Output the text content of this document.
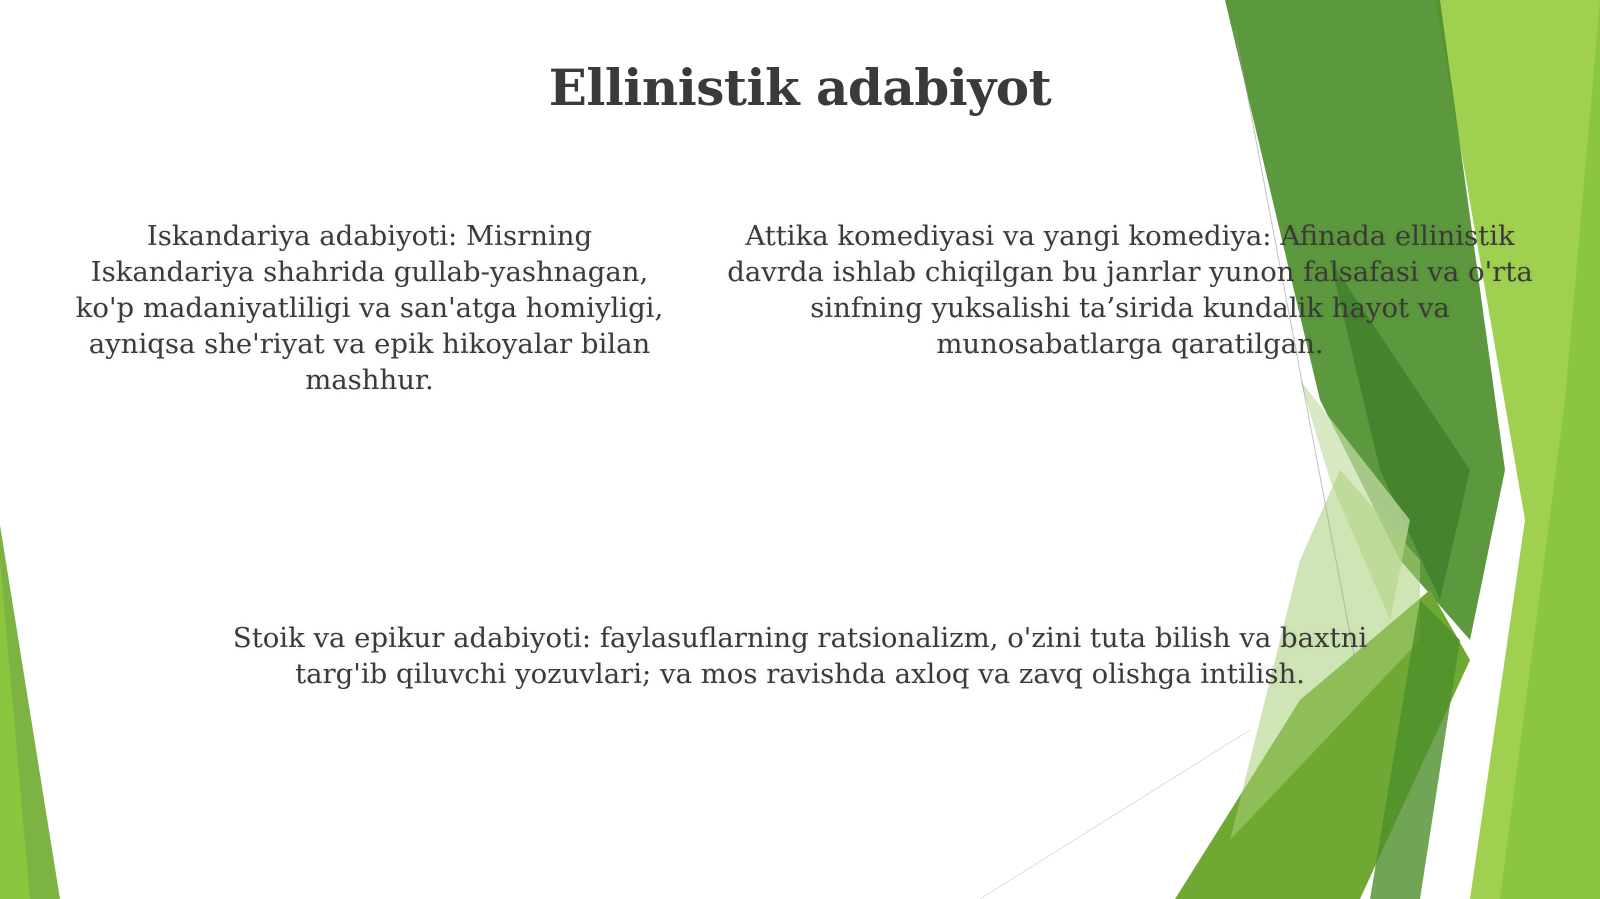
Ellinistik adabiyot

Iskandariya adabiyoti: Misrning Iskandariya shahrida gullab-yashnagan, ko'p madaniyatliligi va san'atga homiyligi, ayniqsa she'riyat va epik hikoyalar bilan mashhur.

Attika komediyasi va yangi komediya: Afinada ellinistik davrda ishlab chiqilgan bu janrlar yunon falsafasi va o'rta sinfning yuksalishi ta’sirida kundalik hayot va munosabatlarga qaratilgan.

Stoik va epikur adabiyoti: faylasuflarning ratsionalizm, o'zini tuta bilish va baxtni targ'ib qiluvchi yozuvlari; va mos ravishda axloq va zavq olishga intilish.
